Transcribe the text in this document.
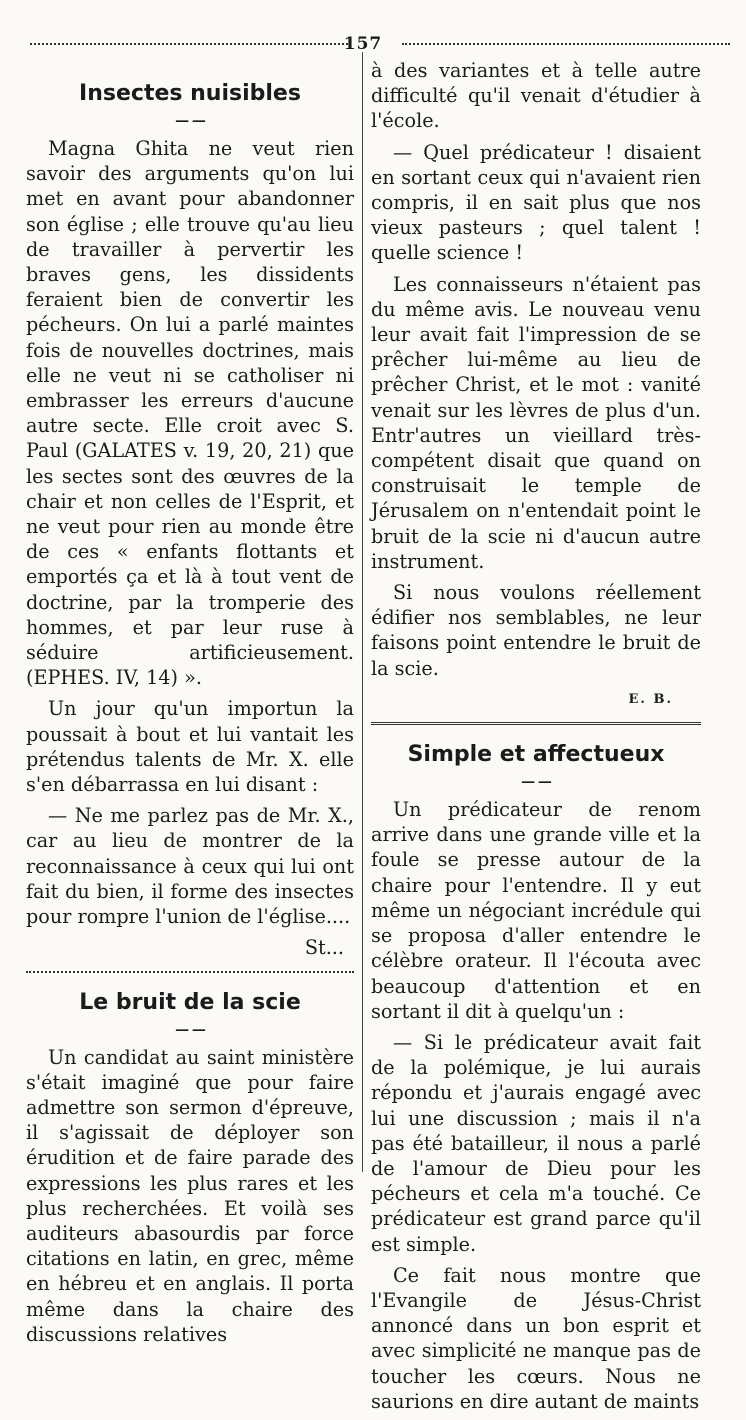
157
Insectes nuisibles
— —

Magna Ghita ne veut rien savoir des arguments qu'on lui met en avant pour abandonner son église ; elle trouve qu'au lieu de travailler à pervertir les braves gens, les dissidents feraient bien de convertir les pécheurs. On lui a parlé maintes fois de nouvelles doctrines, mais elle ne veut ni se catholiser ni embrasser les erreurs d'aucune autre secte. Elle croit avec S. Paul (GALATES v. 19, 20, 21) que les sectes sont des œuvres de la chair et non celles de l'Esprit, et ne veut pour rien au monde être de ces « enfants flottants et emportés ça et là à tout vent de doctrine, par la tromperie des hommes, et par leur ruse à séduire artificieusement. (EPHES. IV, 14) ».

Un jour qu'un importun la poussait à bout et lui vantait les prétendus talents de Mr. X. elle s'en débarrassa en lui disant :

— Ne me parlez pas de Mr. X., car au lieu de montrer de la reconnaissance à ceux qui lui ont fait du bien, il forme des insectes pour rompre l'union de l'église....

St...
Le bruit de la scie
— —

Un candidat au saint ministère s'était imaginé que pour faire admettre son sermon d'épreuve, il s'agissait de déployer son érudition et de faire parade des expressions les plus rares et les plus recherchées. Et voilà ses auditeurs abasourdis par force citations en latin, en grec, même en hébreu et en anglais. Il porta même dans la chaire des discussions relatives

à des variantes et à telle autre difficulté qu'il venait d'étudier à l'école.

— Quel prédicateur ! disaient en sortant ceux qui n'avaient rien compris, il en sait plus que nos vieux pasteurs ; quel talent ! quelle science !

Les connaisseurs n'étaient pas du même avis. Le nouveau venu leur avait fait l'impression de se prêcher lui-même au lieu de prêcher Christ, et le mot : vanité venait sur les lèvres de plus d'un. Entr'autres un vieillard très-compétent disait que quand on construisait le temple de Jérusalem on n'entendait point le bruit de la scie ni d'aucun autre instrument.

Si nous voulons réellement édifier nos semblables, ne leur faisons point entendre le bruit de la scie.

E. B.
Simple et affectueux
— —

Un prédicateur de renom arrive dans une grande ville et la foule se presse autour de la chaire pour l'entendre. Il y eut même un négociant incrédule qui se proposa d'aller entendre le célèbre orateur. Il l'écouta avec beaucoup d'attention et en sortant il dit à quelqu'un :

— Si le prédicateur avait fait de la polémique, je lui aurais répondu et j'aurais engagé avec lui une discussion ; mais il n'a pas été batailleur, il nous a parlé de l'amour de Dieu pour les pécheurs et cela m'a touché. Ce prédicateur est grand parce qu'il est simple.

Ce fait nous montre que l'Evangile de Jésus-Christ annoncé dans un bon esprit et avec simplicité ne manque pas de toucher les cœurs. Nous ne saurions en dire autant de maints
